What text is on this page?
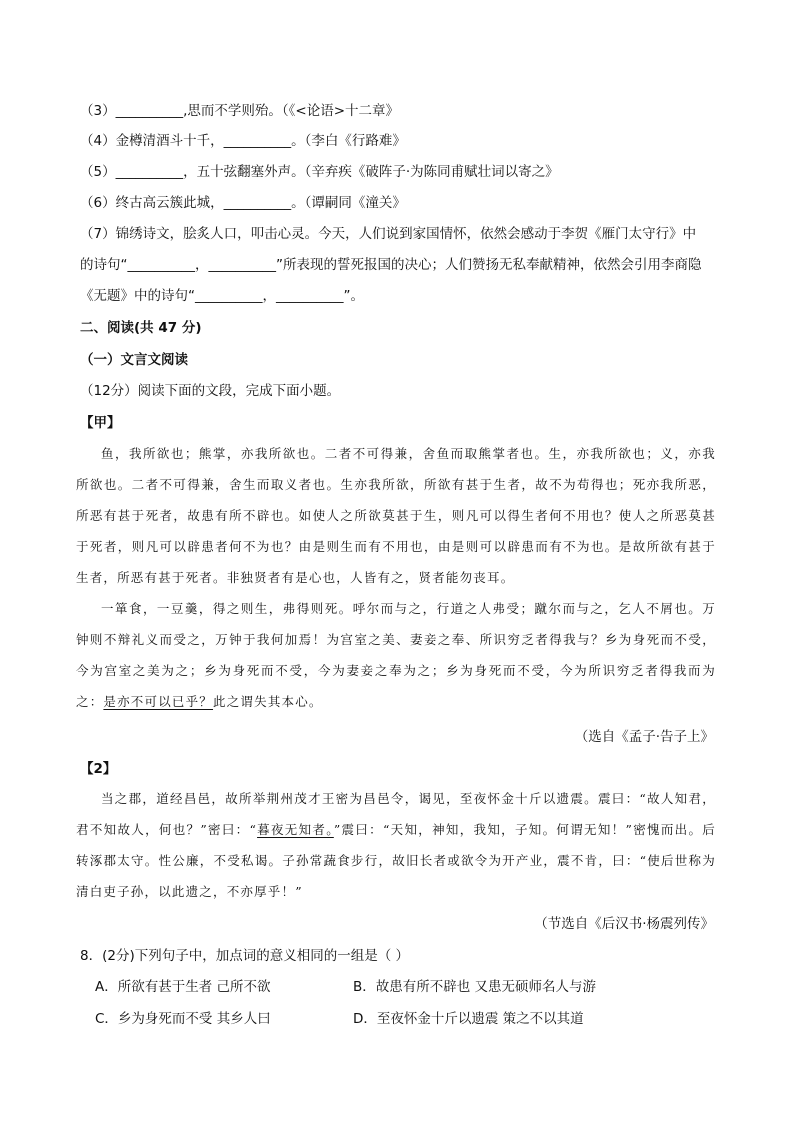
（3）__________,思而不学则殆。（《<论语>十二章》
（4）金樽清酒斗十千，__________。（李白《行路难》
（5）__________，五十弦翻塞外声。（辛弃疾《破阵子·为陈同甫赋壮词以寄之》
（6）终古高云簇此城，__________。（谭嗣同《潼关》
（7）锦绣诗文，脍炙人口，叩击心灵。今天，人们说到家国情怀，依然会感动于李贺《雁门太守行》中
的诗句“__________，__________”所表现的誓死报国的决心；人们赞扬无私奉献精神，依然会引用李商隐
《无题》中的诗句“__________，__________”。
二、阅读(共 47 分)
（一）文言文阅读
（12分）阅读下面的文段，完成下面小题。
【甲】

鱼，我所欲也；熊掌，亦我所欲也。二者不可得兼，舍鱼而取熊掌者也。生，亦我所欲也；义，亦我所欲也。二者不可得兼，舍生而取义者也。生亦我所欲，所欲有甚于生者，故不为苟得也；死亦我所恶，所恶有甚于死者，故患有所不辟也。如使人之所欲莫甚于生，则凡可以得生者何不用也？使人之所恶莫甚于死者，则凡可以辟患者何不为也？由是则生而有不用也，由是则可以辟患而有不为也。是故所欲有甚于生者，所恶有甚于死者。非独贤者有是心也，人皆有之，贤者能勿丧耳。

一箪食，一豆羹，得之则生，弗得则死。呼尔而与之，行道之人弗受；蹴尔而与之，乞人不屑也。万钟则不辩礼义而受之，万钟于我何加焉！为宫室之美、妻妾之奉、所识穷乏者得我与？乡为身死而不受，今为宫室之美为之；乡为身死而不受，今为妻妾之奉为之；乡为身死而不受，今为所识穷乏者得我而为之：是亦不可以已乎？此之谓失其本心。

（选自《孟子·告子上》
【2】

当之郡，道经昌邑，故所举荆州茂才王密为昌邑令，谒见，至夜怀金十斤以遗震。震曰：“故人知君，君不知故人，何也？”密曰：“暮夜无知者。”震曰：“天知，神知，我知，子知。何谓无知！”密愧而出。后转涿郡太守。性公廉，不受私谒。子孙常蔬食步行，故旧长者或欲令为开产业，震不肯，曰：“使后世称为清白吏子孙，以此遗之，不亦厚乎！”

（节选自《后汉书·杨震列传》
8．(2分)下列句子中，加点词的意义相同的一组是（ ）
A．所欲有甚于生者 己所不欲	B．故患有所不辟也 又患无硕师名人与游
C．乡为身死而不受 其乡人曰	D．至夜怀金十斤以遗震 策之不以其道
